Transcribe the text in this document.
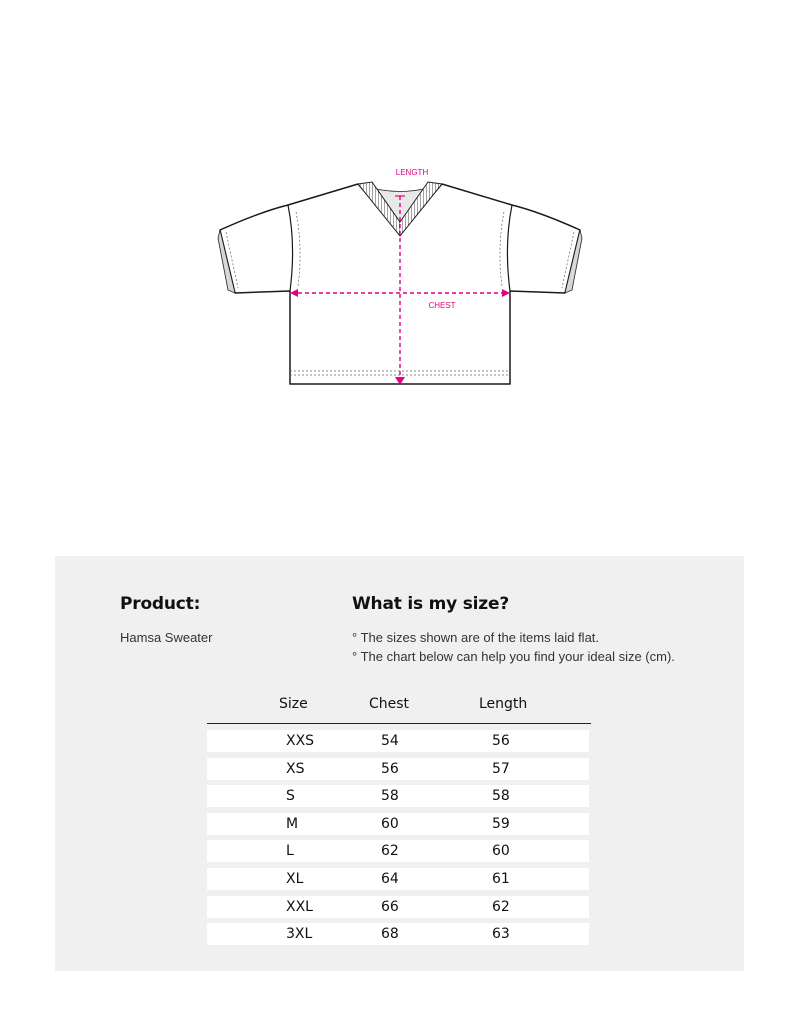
LENGTH
CHEST
Product:
Hamsa Sweater
What is my size?
° The sizes shown are of the items laid flat.
° The chart below can help you find your ideal size (cm).
Size	Chest	Length
XXS	54	56
XS	56	57
S	58	58
M	60	59
L	62	60
XL	64	61
XXL	66	62
3XL	68	63
